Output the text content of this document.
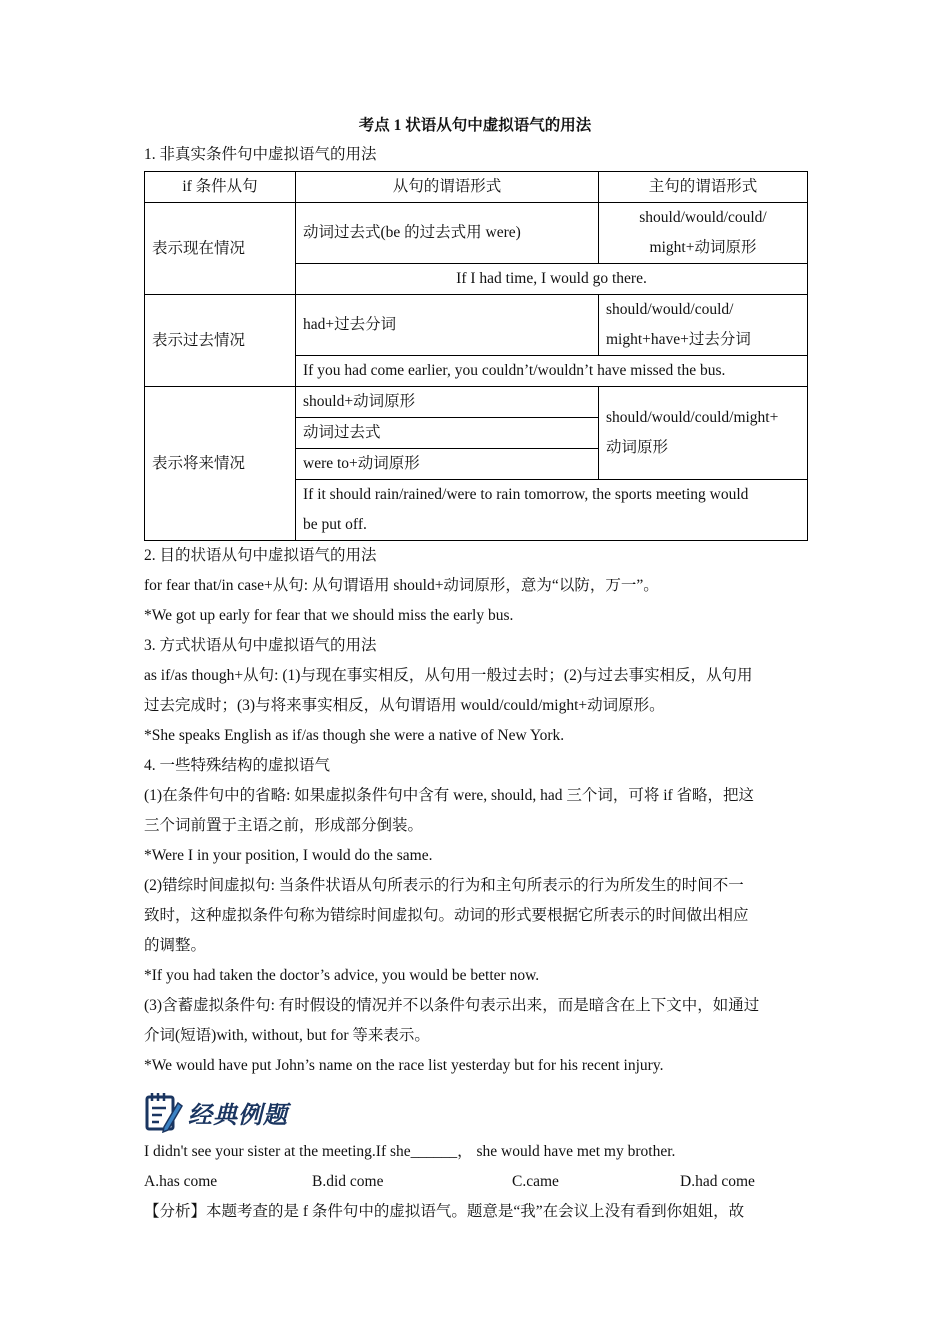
考点 1 状语从句中虚拟语气的用法
1. 非真实条件句中虚拟语气的用法
if 条件从句	从句的谓语形式	主句的谓语形式
表示现在情况	动词过去式(be 的过去式用 were)	should/would/could/
might+动词原形

	If I had time, I would go there.	
表示过去情况	had+过去分词	should/would/could/
might+have+过去分词

	If you had come earlier, you couldn’t/wouldn’t have missed the bus.	
表示将来情况	should+动词原形	should/would/could/might+
动词原形

	动词过去式	
	were to+动词原形	

	If it should rain/rained/were to rain tomorrow, the sports meeting would
be put off.	
2. 目的状语从句中虚拟语气的用法
for fear that/in case+从句: 从句谓语用 should+动词原形，意为“以防，万一”。
*We got up early for fear that we should miss the early bus.
3. 方式状语从句中虚拟语气的用法
as if/as though+从句: (1)与现在事实相反，从句用一般过去时；(2)与过去事实相反，从句用
过去完成时；(3)与将来事实相反，从句谓语用 would/could/might+动词原形。
*She speaks English as if/as though she were a native of New York.
4. 一些特殊结构的虚拟语气
(1)在条件句中的省略: 如果虚拟条件句中含有 were, should, had 三个词，可将 if 省略，把这
三个词前置于主语之前，形成部分倒装。
*Were I in your position, I would do the same.
(2)错综时间虚拟句: 当条件状语从句所表示的行为和主句所表示的行为所发生的时间不一
致时，这种虚拟条件句称为错综时间虚拟句。动词的形式要根据它所表示的时间做出相应
的调整。
*If you had taken the doctor’s advice, you would be better now.
(3)含蓄虚拟条件句: 有时假设的情况并不以条件句表示出来，而是暗含在上下文中，如通过
介词(短语)with, without, but for 等来表示。
*We would have put John’s name on the race list yesterday but for his recent injury.
经典例题
I didn't see your sister at the meeting.If she______， she would have met my brother.
A.has come	B.did come	C.came	D.had come
【分析】本题考查的是 f 条件句中的虚拟语气。题意是“我”在会议上没有看到你姐姐，故
